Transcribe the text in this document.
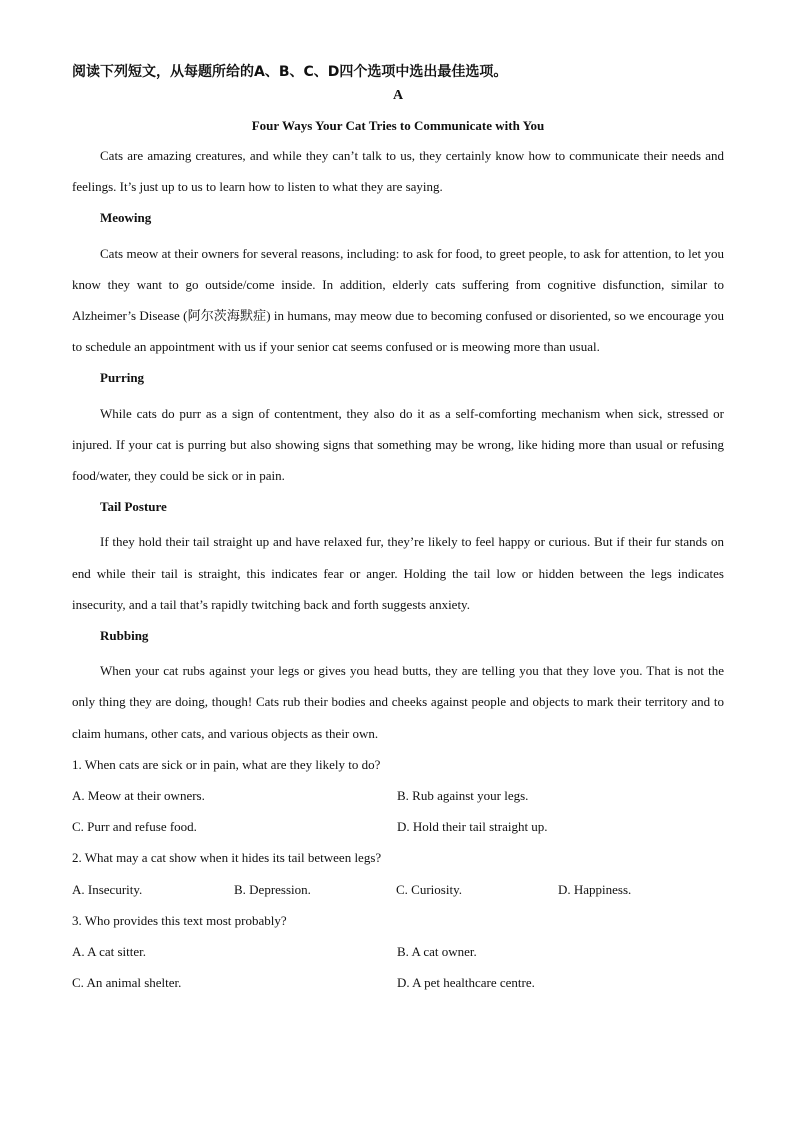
阅读下列短文，从每题所给的A、B、C、D四个选项中选出最佳选项。

A

Four Ways Your Cat Tries to Communicate with You

Cats are amazing creatures, and while they can’t talk to us, they certainly know how to communicate their needs and feelings. It’s just up to us to learn how to listen to what they are saying.

Meowing

Cats meow at their owners for several reasons, including: to ask for food, to greet people, to ask for attention, to let you know they want to go outside/come inside. In addition, elderly cats suffering from cognitive disfunction, similar to Alzheimer’s Disease (阿尔茨海默症) in humans, may meow due to becoming confused or disoriented, so we encourage you to schedule an appointment with us if your senior cat seems confused or is meowing more than usual.

Purring

While cats do purr as a sign of contentment, they also do it as a self-comforting mechanism when sick, stressed or injured. If your cat is purring but also showing signs that something may be wrong, like hiding more than usual or refusing food/water, they could be sick or in pain.

Tail Posture

If they hold their tail straight up and have relaxed fur, they’re likely to feel happy or curious. But if their fur stands on end while their tail is straight, this indicates fear or anger. Holding the tail low or hidden between the legs indicates insecurity, and a tail that’s rapidly twitching back and forth suggests anxiety.

Rubbing

When your cat rubs against your legs or gives you head butts, they are telling you that they love you. That is not the only thing they are doing, though! Cats rub their bodies and cheeks against people and objects to mark their territory and to claim humans, other cats, and various objects as their own.

1. When cats are sick or in pain, what are they likely to do?

A. Meow at their owners.	B. Rub against your legs.
C. Purr and refuse food.	D. Hold their tail straight up.

2. What may a cat show when it hides its tail between legs?

A. Insecurity.	B. Depression.	C. Curiosity.	D. Happiness.

3. Who provides this text most probably?

A. A cat sitter.	B. A cat owner.
C. An animal shelter.	D. A pet healthcare centre.
